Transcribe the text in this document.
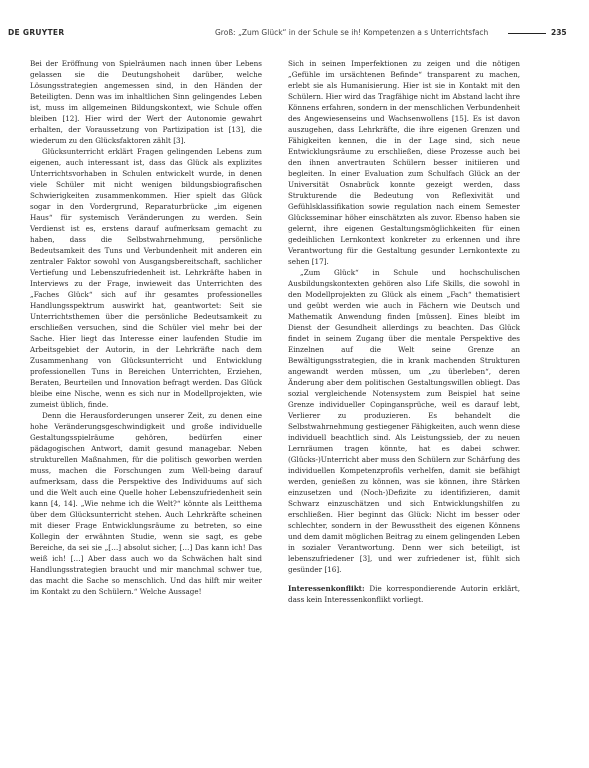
DE GRUYTER	Groß: „Zum Glück“ in der Schule se ih! Kompetenzen a s Unterrichtsfach	235

Bei der Eröffnung von Spielräumen nach innen über Lebens gelassen sie die Deutungshoheit darüber, welche Lösungsstrategien angemessen sind, in den Händen der Beteiligten. Denn was im inhaltlichen Sinn gelingendes Leben ist, muss im allgemeinen Bildungskontext, wie Schule offen bleiben [12]. Hier wird der Wert der Autonomie gewahrt erhalten, der Voraussetzung von Partizipation ist [13], die wiederum zu den Glücksfaktoren zählt [3].

Glücksunterricht erklärt Fragen gelingenden Lebens zum eigenen, auch interessant ist, dass das Glück als explizites Unterrichtsvorhaben in Schulen entwickelt wurde, in denen viele Schüler mit nicht wenigen bildungsbiografischen Schwierigkeiten zusammenkommen. Hier spielt das Glück sogar in den Vordergrund, Reparaturbrücke „im eigenen Haus“ für systemisch Veränderungen zu werden. Sein Verdienst ist es, erstens darauf aufmerksam gemacht zu haben, dass die Selbstwahrnehmung, persönliche Bedeutsamkeit des Tuns und Verbundenheit mit anderen ein zentraler Faktor sowohl von Ausgangsbereitschaft, sachlicher Vertiefung und Lebenszufriedenheit ist. Lehrkräfte haben in Interviews zu der Frage, inwieweit das Unterrichten des „Faches Glück“ sich auf ihr gesamtes professionelles Handlungsspektrum auswirkt hat, geantwortet: Seit sie Unterrichtsthemen über die persönliche Bedeutsamkeit zu erschließen versuchen, sind die Schüler viel mehr bei der Sache. Hier liegt das Interesse einer laufenden Studie im Arbeitsgebiet der Autorin, in der Lehrkräfte nach dem Zusammenhang von Glücksunterricht und Entwicklung professionellen Tuns in Bereichen Unterrichten, Erziehen, Beraten, Beurteilen und Innovation befragt werden. Das Glück bleibe eine Nische, wenn es sich nur in Modellprojekten, wie zumeist üblich, finde.

Denn die Herausforderungen unserer Zeit, zu denen eine hohe Veränderungsgeschwindigkeit und große individuelle Gestaltungsspielräume gehören, bedürfen einer pädagogischen Antwort, damit gesund managebar. Neben strukturellen Maßnahmen, für die politisch geworben werden muss, machen die Forschungen zum Well-being darauf aufmerksam, dass die Perspektive des Individuums auf sich und die Welt auch eine Quelle hoher Lebenszufriedenheit sein kann [4, 14]. „Wie nehme ich die Welt?“ könnte als Leitthema über dem Glücksunterricht stehen. Auch Lehrkräfte scheinen mit dieser Frage Entwicklungsräume zu betreten, so eine Kollegin der erwähnten Studie, wenn sie sagt, es gebe Bereiche, da sei sie „[…] absolut sicher, […] Das kann ich! Das weiß ich! […] Aber dass auch wo da Schwächen halt sind Handlungsstrategien braucht und mir manchmal schwer tue, das macht die Sache so menschlich. Und das hilft mir weiter im Kontakt zu den Schülern.“ Welche Aussage!

Sich in seinen Imperfektionen zu zeigen und die nötigen „Gefühle im ursächtenen Befinde“ transparent zu machen, erlebt sie als Humanisierung. Hier ist sie in Kontakt mit den Schülern. Hier wird das Tragfähige nicht im Abstand lacht ihre Könnens erfahren, sondern in der menschlichen Verbundenheit des Angewiesenseins und Wachsenwollens [15]. Es ist davon auszugehen, dass Lehrkräfte, die ihre eigenen Grenzen und Fähigkeiten kennen, die in der Lage sind, sich neue Entwicklungsräume zu erschließen, diese Prozesse auch bei den ihnen anvertrauten Schülern besser initiieren und begleiten. In einer Evaluation zum Schulfach Glück an der Universität Osnabrück konnte gezeigt werden, dass Strukturende die Bedeutung von Reflexivität und Gefühlsklassifikation sowie regulation nach einem Semester Glücksseminar höher einschätzten als zuvor. Ebenso haben sie gelernt, ihre eigenen Gestaltungsmöglichkeiten für einen gedeihlichen Lernkontext konkreter zu erkennen und ihre Verantwortung für die Gestaltung gesunder Lernkontexte zu sehen [17].

„Zum Glück“ in Schule und hochschulischen Ausbildungskontexten gehören also Life Skills, die sowohl in den Modellprojekten zu Glück als einem „Fach“ thematisiert und geübt werden wie auch in Fächern wie Deutsch und Mathematik Anwendung finden [müssen]. Eines bleibt im Dienst der Gesundheit allerdings zu beachten. Das Glück findet in seinem Zugang über die mentale Perspektive des Einzelnen auf die Welt seine Grenze an Bewältigungsstrategien, die in krank machenden Strukturen angewandt werden müssen, um „zu überleben“, deren Änderung aber dem politischen Gestaltungswillen obliegt. Das sozial vergleichende Notensystem zum Beispiel hat seine Grenze individueller Copingansprüche, weil es darauf lebt, Verlierer zu produzieren. Es behandelt die Selbstwahrnehmung gestiegener Fähigkeiten, auch wenn diese individuell beachtlich sind. Als Leistungssieb, der zu neuen Lernräumen tragen könnte, hat es dabei schwer. (Glücks-)Unterricht aber muss den Schülern zur Schärfung des individuellen Kompetenzprofils verhelfen, damit sie befähigt werden, genießen zu können, was sie können, ihre Stärken einzusetzen und (Noch-)Defizite zu identifizieren, damit Schwarz einzuschätzen und sich Entwicklungshilfen zu erschließen. Hier beginnt das Glück: Nicht im besser oder schlechter, sondern in der Bewusstheit des eigenen Könnens und dem damit möglichen Beitrag zu einem gelingenden Leben in sozialer Verantwortung. Denn wer sich beteiligt, ist lebenszufriedener [3], und wer zufriedener ist, fühlt sich gesünder [16].

Interessenkonflikt: Die korrespondierende Autorin erklärt, dass kein Interessenkonflikt vorliegt.
